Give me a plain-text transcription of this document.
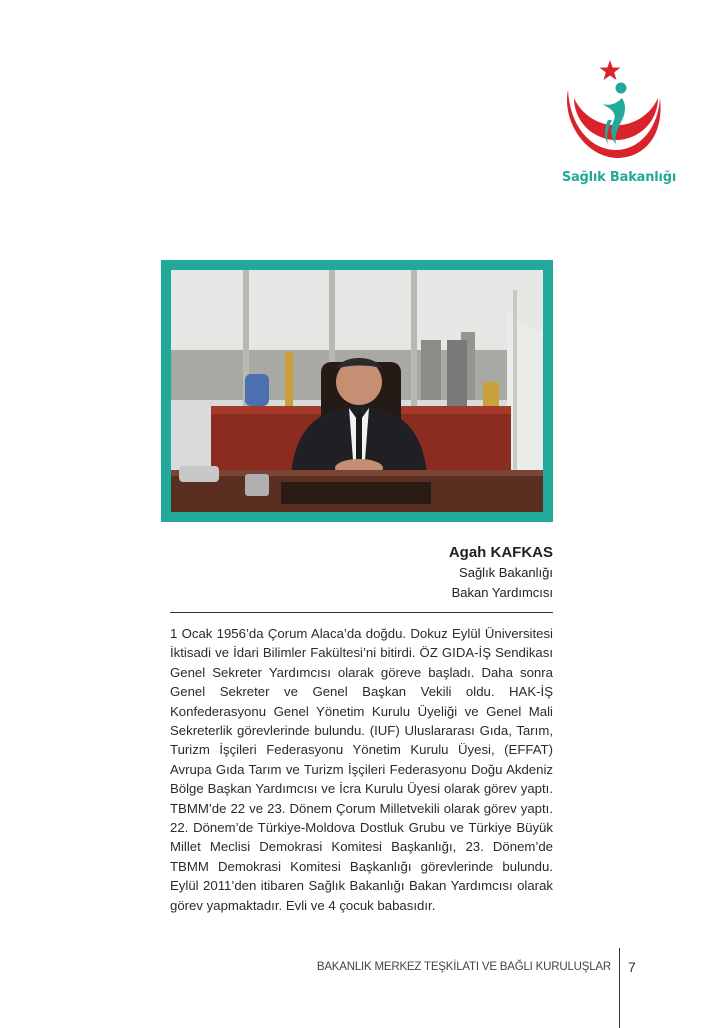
Sağlık Bakanlığı
Agah KAFKAS
Sağlık Bakanlığı
Bakan Yardımcısı

1 Ocak 1956’da Çorum Alaca’da doğdu. Dokuz Eylül Üniversitesi İktisadi ve İdari Bilimler Fakültesi’ni bitirdi. ÖZ GIDA-İŞ Sendikası Genel Sekreter Yardımcısı olarak göreve başladı. Daha sonra Genel Sekreter ve Genel Başkan Vekili oldu. HAK-İŞ Konfederasyonu Genel Yönetim Kurulu Üyeliği ve Genel Mali Sekreterlik görevlerinde bulundu. (IUF) Uluslararası Gıda, Tarım, Turizm İşçileri Federasyonu Yönetim Kurulu Üyesi, (EFFAT) Avrupa Gıda Tarım ve Turizm İşçileri Federasyonu Doğu Akdeniz Bölge Başkan Yardımcısı ve İcra Kurulu Üyesi olarak görev yaptı. TBMM’de 22 ve 23. Dönem Çorum Milletvekili olarak görev yaptı. 22. Dönem’de Türkiye-Moldova Dostluk Grubu ve Türkiye Büyük Millet Meclisi Demokrasi Komitesi Başkanlığı, 23. Dönem’de TBMM Demokrasi Komitesi Başkanlığı görevlerinde bulundu. Eylül 2011’den itibaren Sağlık Bakanlığı Bakan Yardımcısı olarak görev yapmaktadır. Evli ve 4 çocuk babasıdır.

BAKANLIK MERKEZ TEŞKİLATI VE BAĞLI KURULUŞLAR 7
